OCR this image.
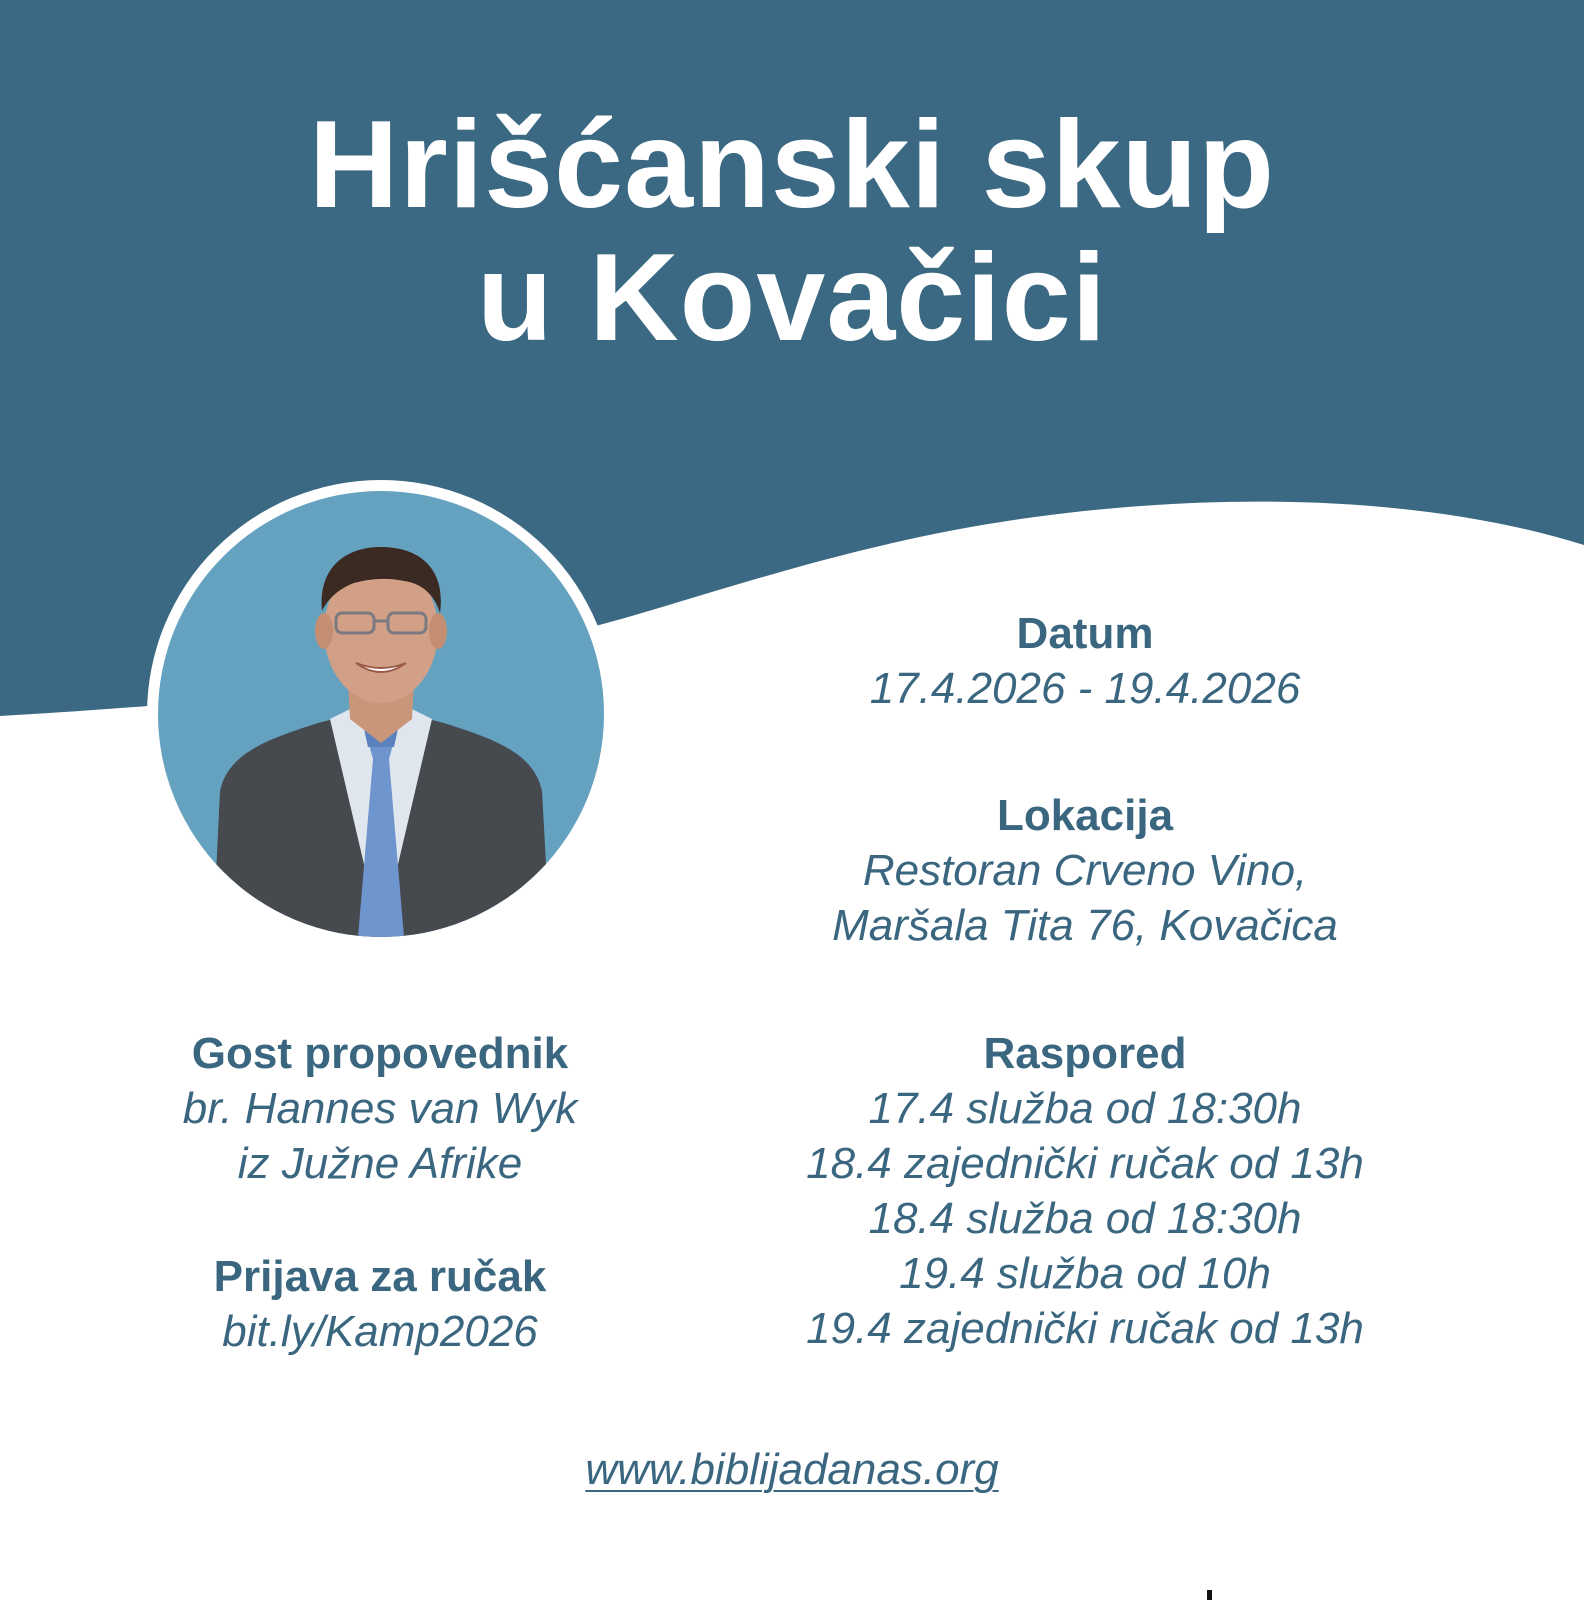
Hrišćanski skup
u Kovačici
Datum
17.4.2026 - 19.4.2026
Lokacija
Restoran Crveno Vino,
Maršala Tita 76, Kovačica
Gost propovednik
br. Hannes van Wyk
iz Južne Afrike
Prijava za ručak
bit.ly/Kamp2026
Raspored
17.4 služba od 18:30h
18.4 zajednički ručak od 13h
18.4 služba od 18:30h
19.4 služba od 10h
19.4 zajednički ručak od 13h
www.biblijadanas.org
